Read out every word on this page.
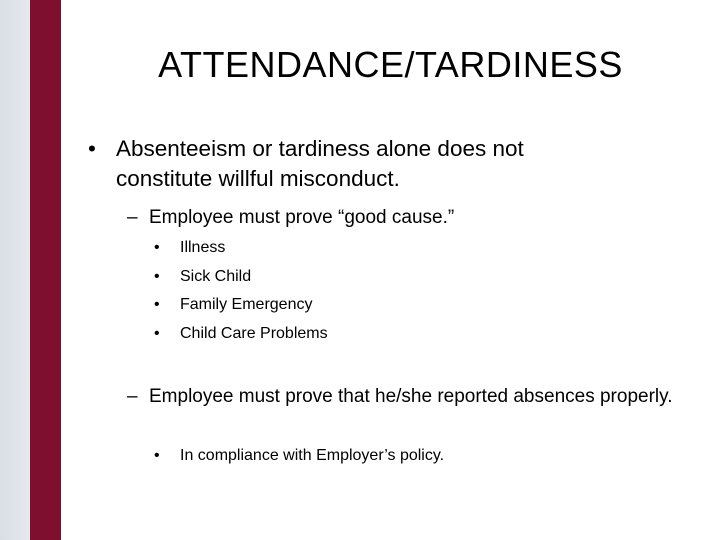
© 2012 Stanley Snyder
ATTENDANCE/TARDINESS
• Absenteeism or tardiness alone does not constitute willful misconduct.
– Employee must prove “good cause.”
•	Illness
•	Sick Child
•	Family Emergency
•	Child Care Problems
– Employee must prove that he/she reported absences properly.
•	In compliance with Employer’s policy.
